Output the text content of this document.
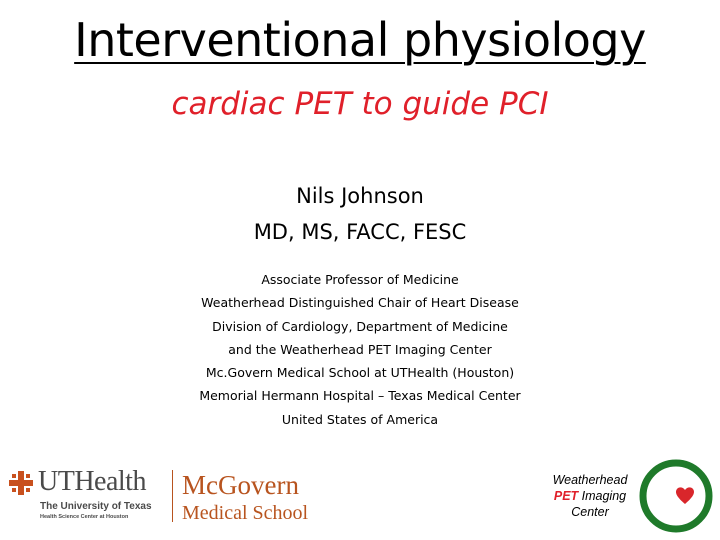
Interventional physiology
cardiac PET to guide PCI
Nils Johnson
MD, MS, FACC, FESC
Associate Professor of Medicine
Weatherhead Distinguished Chair of Heart Disease
Division of Cardiology, Department of Medicine
and the Weatherhead PET Imaging Center
Mc.Govern Medical School at UTHealth (Houston)
Memorial Hermann Hospital – Texas Medical Center
United States of America
UTHealth
The University of Texas
Health Science Center at Houston
McGovern
Medical School
Weatherhead
PET Imaging
Center
